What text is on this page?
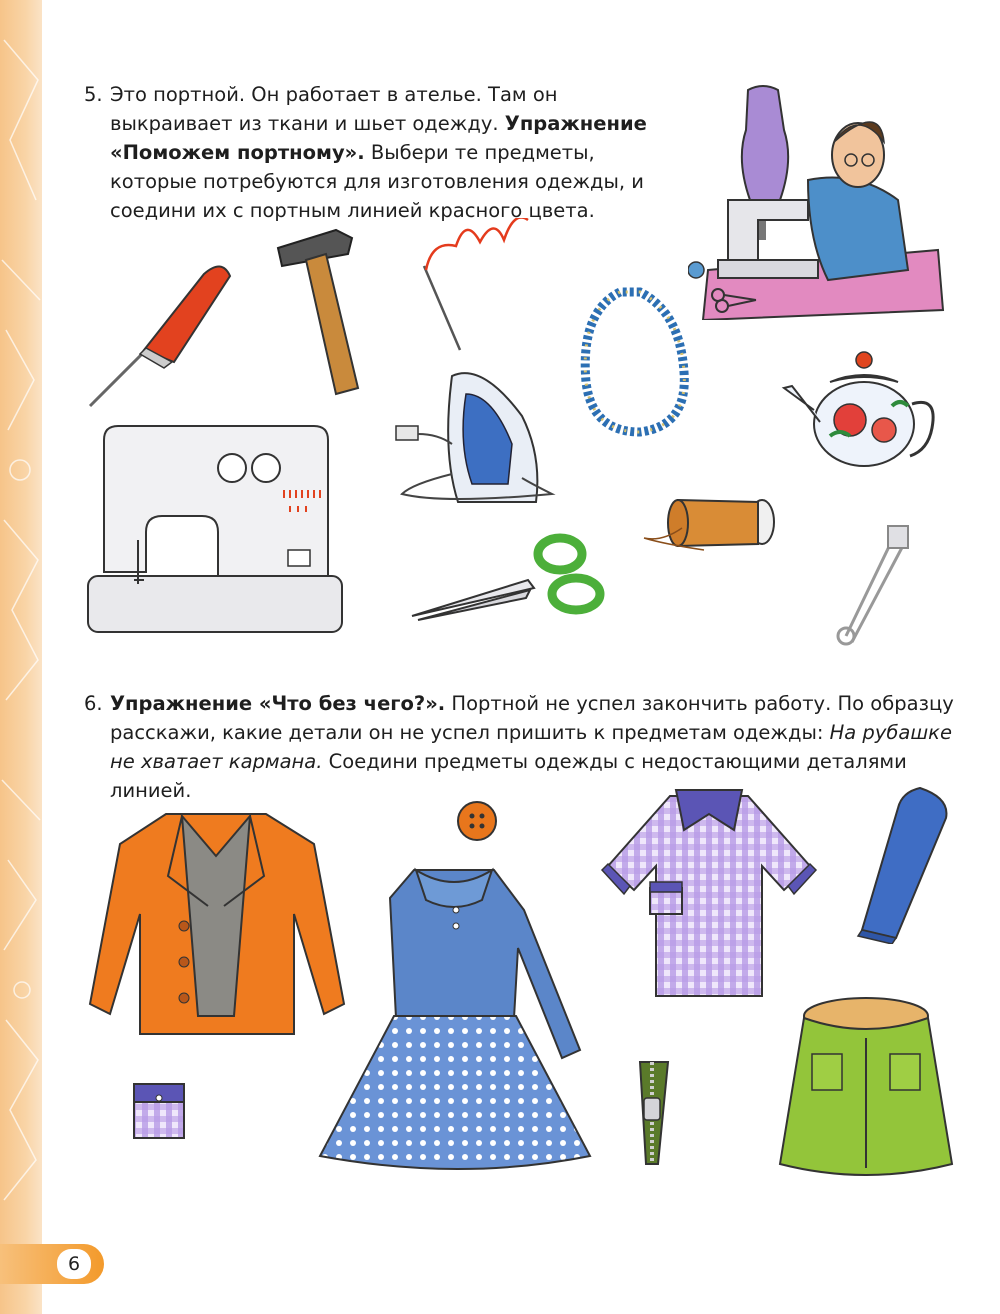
5. Это портной. Он работает в ателье. Там он выкраивает из ткани и шьет одежду. Упражнение «Поможем портному». Выбери те предметы, которые потребуются для изготовления одежды, и соедини их с портным линией красного цвета.
6. Упражнение «Что без чего?». Портной не успел закончить работу. По образцу расскажи, какие детали он не успел пришить к предметам одежды: На рубашке не хватает кармана. Соедини предметы одежды с недостающими деталями линией.
6
